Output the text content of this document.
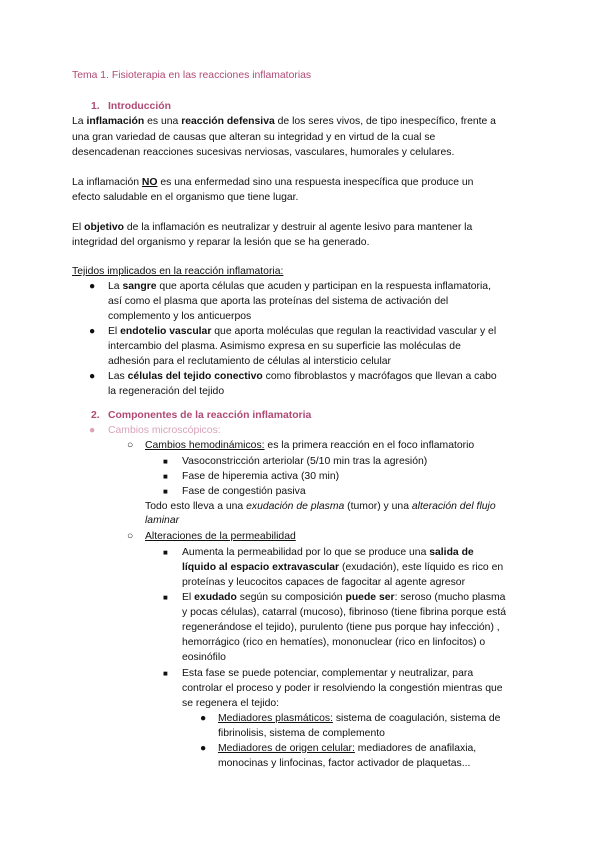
Tema 1. Fisioterapia en las reacciones inflamatorias
1. Introducción
La inflamación es una reacción defensiva de los seres vivos, de tipo inespecífico, frente a
una gran variedad de causas que alteran su integridad y en virtud de la cual se
desencadenan reacciones sucesivas nerviosas, vasculares, humorales y celulares.
La inflamación NO es una enfermedad sino una respuesta inespecífica que produce un
efecto saludable en el organismo que tiene lugar.
El objetivo de la inflamación es neutralizar y destruir al agente lesivo para mantener la
integridad del organismo y reparar la lesión que se ha generado.
Tejidos implicados en la reacción inflamatoria:
● La sangre que aporta células que acuden y participan en la respuesta inflamatoria,
así como el plasma que aporta las proteínas del sistema de activación del
complemento y los anticuerpos
● El endotelio vascular que aporta moléculas que regulan la reactividad vascular y el
intercambio del plasma. Asimismo expresa en su superficie las moléculas de
adhesión para el reclutamiento de células al intersticio celular
● Las células del tejido conectivo como fibroblastos y macrófagos que llevan a cabo
la regeneración del tejido
2. Componentes de la reacción inflamatoria
● Cambios microscópicos:
○ Cambios hemodinámicos: es la primera reacción en el foco inflamatorio
■ Vasoconstricción arteriolar (5/10 min tras la agresión)
■ Fase de hiperemia activa (30 min)
■ Fase de congestión pasiva
Todo esto lleva a una exudación de plasma (tumor) y una alteración del flujo
laminar
○ Alteraciones de la permeabilidad
■ Aumenta la permeabilidad por lo que se produce una salida de
líquido al espacio extravascular (exudación), este líquido es rico en
proteínas y leucocitos capaces de fagocitar al agente agresor
■ El exudado según su composición puede ser: seroso (mucho plasma
y pocas células), catarral (mucoso), fibrinoso (tiene fibrina porque está
regenerándose el tejido), purulento (tiene pus porque hay infección) ,
hemorrágico (rico en hematíes), mononuclear (rico en linfocitos) o
eosinófilo
■ Esta fase se puede potenciar, complementar y neutralizar, para
controlar el proceso y poder ir resolviendo la congestión mientras que
se regenera el tejido:
● Mediadores plasmáticos: sistema de coagulación, sistema de
fibrinolisis, sistema de complemento
● Mediadores de origen celular: mediadores de anafilaxia,
monocinas y linfocinas, factor activador de plaquetas...
